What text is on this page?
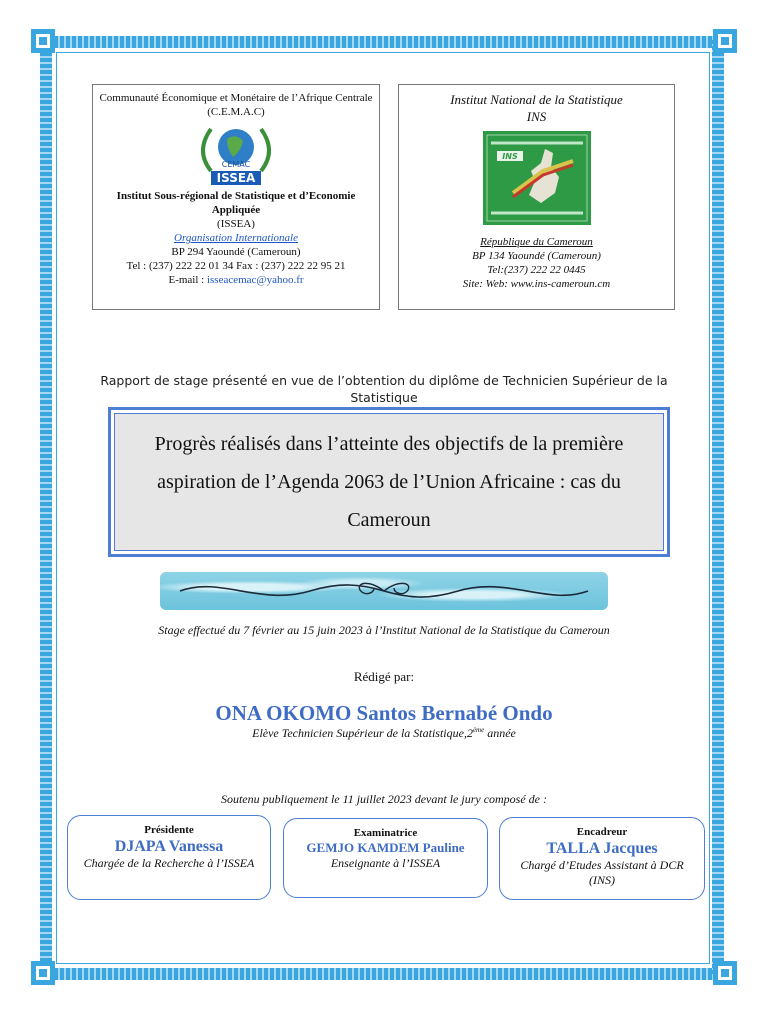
Communauté Économique et Monétaire de l’Afrique Centrale
(C.E.M.A.C)
CEMAC
ISSEA
Institut Sous-régional de Statistique et d’Economie Appliquée
(ISSEA)
Organisation Internationale
BP 294 Yaoundé (Cameroun)
Tel : (237) 222 22 01 34 Fax : (237) 222 22 95 21
E-mail : isseacemac@yahoo.fr
Institut National de la Statistique
INS
INS
République du Cameroun
BP 134 Yaoundé (Cameroun)
Tel:(237) 222 22 0445
Site: Web: www.ins-cameroun.cm
Rapport de stage présenté en vue de l’obtention du diplôme de Technicien Supérieur de la Statistique
Progrès réalisés dans l’atteinte des objectifs de la première aspiration de l’Agenda 2063 de l’Union Africaine : cas du Cameroun
Stage effectué du 7 février au 15 juin 2023 à l’Institut National de la Statistique du Cameroun
Rédigé par:
ONA OKOMO Santos Bernabé Ondo
Elève Technicien Supérieur de la Statistique,2ème année
Soutenu publiquement le 11 juillet 2023 devant le jury composé de :
Présidente
DJAPA Vanessa
Chargée de la Recherche à l’ISSEA
Examinatrice
GEMJO KAMDEM Pauline
Enseignante à l’ISSEA
Encadreur
TALLA Jacques
Chargé d’Etudes Assistant à DCR (INS)
